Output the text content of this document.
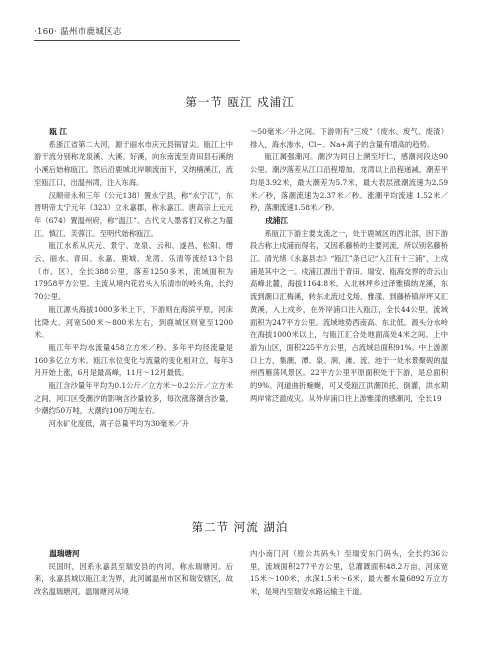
·160· 温州市鹿城区志
第一节 瓯江 戍浦江

瓯 江

系浙江省第二大河，源于丽水市庆元县锅冒尖。瓯江上中游干流分别称龙泉溪、大溪、好溪，向东南流至青田县石溪纳小溪后始称瓯江。然后沿鹿城北岸顺流而下，又纳楠溪江，流至瓯江口，出温州湾，注入东海。

汉顺帝永和三年（公元138）置永宁县，称“永宁江”，东晋明帝太宁元年（323）立永嘉郡，称永嘉江。唐高宗上元元年（674）置温州府，称“温江”。古代文人墨客们又称之为蜃江、慎江、芙蓉江。至明代始称瓯江。

瓯江水系从庆元、景宁、龙泉、云和、遂昌、松阳、缙云、丽水、青田、永嘉、鹿城、龙湾、乐清等流经13个县（市、区），全长388公里，落差1250多米，流域面积为17958平方公里。主流从境内花岩头入乐清市的岭头角，长约70公里。

瓯江源头海拔1000多米上下，下游则在海滨平原，河床比降大。河宽500米～800米左右，到鹿城区则宽至1200米。

瓯江年平均水流量458立方米／秒。多年平均径流量是160多亿立方米。瓯江水位变化与流量的变化相对立，每年3月开始上涨，6月是最高峰，11月～12月最低。

瓯江含沙量年平均为0.1公斤／立方米～0.2公斤／立方米之间，河口区受潮汐的影响含沙量较多，每次涨落潮含沙量，少潮约50万吨，大潮约100万吨左右。

河水矿化度低，离子总量平均为30毫米／升

～50毫米／升之间。下游则有“三废”（废水、废气、废渣）排入，海水渗水，Cl−、Na+离子的含量有增高的趋势。

瓯江属强潮河。潮汐为同日上溯至圩仁，感潮河段达90公里。潮汐落差从江口沿程增加，龙湾以上沿程递减，潮差平均是3.92米，最大潮差为5.7米，最大表层涨潮流速为2.59 米／秒，落潮流速为2.37米／秒。涨潮平均流速 1.52米／秒，落潮流速1.58米／秒。

戍浦江

系瓯江下游主要支流之一，处于鹿城区的西北部，因下游段古称上戍浦而得名，又因系藤桥的主要河流，所以别名藤桥江。清光绪《永嘉县志》“瓯江”条已记“入江有十三浦”，上戍浦是其中之一。戍浦江源出于青田、瑞安、瓯海交界的奇云山高峰北麓，海拔1164.8米。入北林坪乡过泽雅镇纳龙溪，东流到潮口汇梅溪，转东北流过戈炀、雅漾、到藤桥镇岸坪又汇黄溪，入上戍乡，在外岸浦口注入瓯江，全长44公里，流域面积为247平方公里。流域地势西南高、东北低。源头分水岭在海拔1000米以上，与瓯江汇合处地面高处4米之间。上中游为山区，面积225平方公里，占流域总面积91%。中上游源口上方，集潮、潭、泉、涧、滩、流、池于一处水景聚砚的温州西雁荡风景区。22平方公里平原面积处于下游，是总面积的9%。河道曲折蜿蜒，可又受瓯江洪潮顶托，倒灌，洪水期两岸常泛滥成灾。从外岸浦口往上游雅漾的感潮河，全长19

第二节 河流 湖泊

温瑞塘河

民国时，因系永嘉县至瑞安县的内河，称永瑞塘河。后来，永嘉县城以瓯江北为界，此河属温州市区和瑞安辖区，故改名温瑞塘河。温瑞塘河从境

内小南门河（原公共码头）至瑞安东门码头，全长约36公里，流域面积277平方公里，总灌溉面积48.2万亩，河床宽15米～100米，水深1.5米～6米，最大蓄水量6892万立方米，是境内至瑞安水路运输主干道。
